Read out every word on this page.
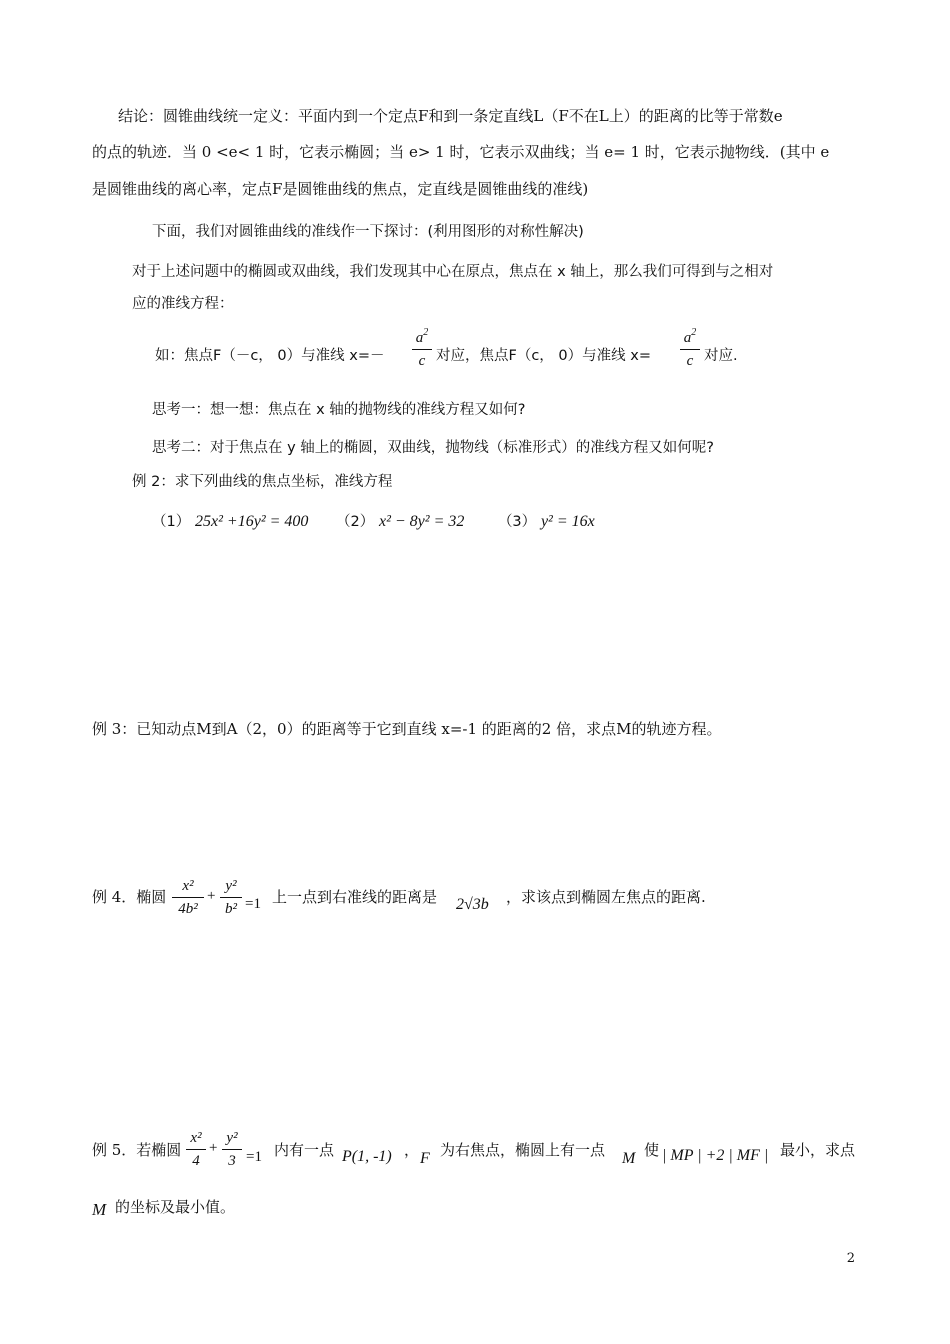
结论：圆锥曲线统一定义：平面内到一个定点F和到一条定直线L（F不在L上）的距离的比等于常数e
的点的轨迹．当 0 <e< 1 时，它表示椭圆；当 e> 1 时，它表示双曲线；当 e= 1 时，它表示抛物线．(其中 e
是圆锥曲线的离心率，定点F是圆锥曲线的焦点，定直线是圆锥曲线的准线)
下面，我们对圆锥曲线的准线作一下探讨：(利用图形的对称性解决)
对于上述问题中的椭圆或双曲线，我们发现其中心在原点，焦点在 x 轴上，那么我们可得到与之相对
应的准线方程：
如：焦点F（－c， 0）与准线 x=－
$a^2$
c 对应，焦点F（c， 0）与准线 x=
$a^2$
c 对应.
思考一：想一想：焦点在 x 轴的抛物线的准线方程又如何?
思考二：对于焦点在 y 轴上的椭圆，双曲线，抛物线（标准形式）的准线方程又如何呢?
例 2：求下列曲线的焦点坐标，准线方程
（1） 25x² +16y² = 400 （2） x² − 8y² = 32 （3） y² = 16x
例 3：已知动点M到A（2，0）的距离等于它到直线 x=-1 的距离的2 倍，求点M的轨迹方程。
例 4．椭圆
x²
4b²
+
y²
b² =1 上一点到右准线的距离是 2√3b ，求该点到椭圆左焦点的距离.
例 5．若椭圆
x²
4
+
y²
3 =1 内有一点 P(1, -1) ， F 为右焦点，椭圆上有一点 M 使 | MP | +2 | MF | 最小，求点
M 的坐标及最小值。
2
